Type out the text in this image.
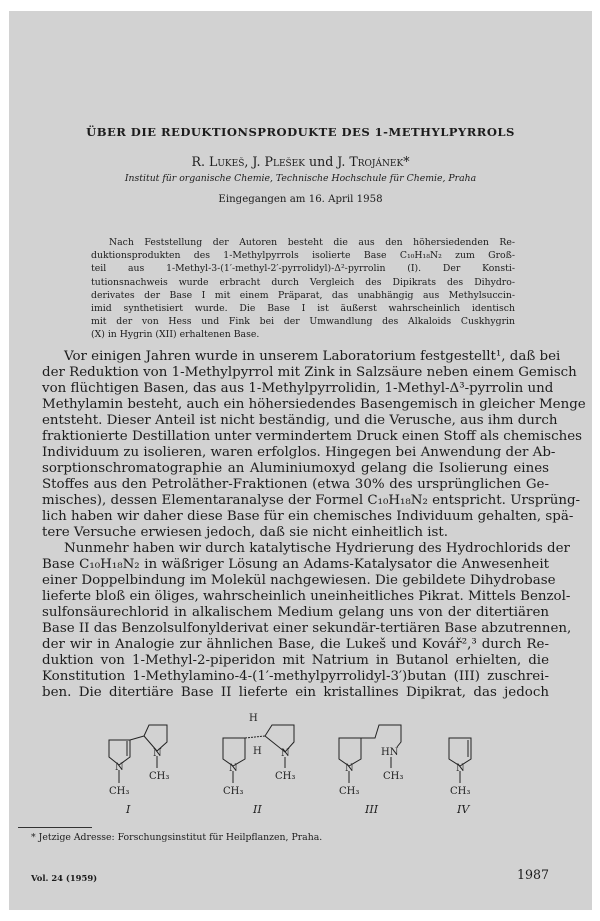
ÜBER DIE REDUKTIONSPRODUKTE DES 1-METHYLPYRROLS
R. Lukeš, J. Plešek und J. Trojánek*
Institut für organische Chemie, Technische Hochschule für Chemie, Praha
Eingegangen am 16. April 1958
Nach Feststellung der Autoren besteht die aus den höhersiedenden Re-
duktionsprodukten des 1-Methylpyrrols isolierte Base C₁₀H₁₈N₂ zum Groß-
teil aus 1-Methyl-3-(1′-methyl-2′-pyrrolidyl)-Δ²-pyrrolin (I). Der Konsti-
tutionsnachweis wurde erbracht durch Vergleich des Dipikrats des Dihydro-
derivates der Base I mit einem Präparat, das unabhängig aus Methylsuccin-
imid synthetisiert wurde. Die Base I ist äußerst wahrscheinlich identisch
mit der von Hess und Fink bei der Umwandlung des Alkaloids Cuskhygrin
(X) in Hygrin (XII) erhaltenen Base.
Vor einigen Jahren wurde in unserem Laboratorium festgestellt¹, daß bei
der Reduktion von 1-Methylpyrrol mit Zink in Salzsäure neben einem Gemisch
von flüchtigen Basen, das aus 1-Methylpyrrolidin, 1-Methyl-Δ³-pyrrolin und
Methylamin besteht, auch ein höhersiedendes Basengemisch in gleicher Menge
entsteht. Dieser Anteil ist nicht beständig, und die Verusche, aus ihm durch
fraktionierte Destillation unter vermindertem Druck einen Stoff als chemisches
Individuum zu isolieren, waren erfolglos. Hingegen bei Anwendung der Ab-
sorptionschromatographie an Aluminiumoxyd gelang die Isolierung eines
Stoffes aus den Petroläther-Fraktionen (etwa 30% des ursprünglichen Ge-
misches), dessen Elementaranalyse der Formel C₁₀H₁₈N₂ entspricht. Ursprüng-
lich haben wir daher diese Base für ein chemisches Individuum gehalten, spä-
tere Versuche erwiesen jedoch, daß sie nicht einheitlich ist.
Nunmehr haben wir durch katalytische Hydrierung des Hydrochlorids der
Base C₁₀H₁₈N₂ in wäßriger Lösung an Adams-Katalysator die Anwesenheit
einer Doppelbindung im Molekül nachgewiesen. Die gebildete Dihydrobase
lieferte bloß ein öliges, wahrscheinlich uneinheitliches Pikrat. Mittels Benzol-
sulfonsäurechlorid in alkalischem Medium gelang uns von der ditertiären
Base II das Benzolsulfonylderivat einer sekundär-tertiären Base abzutrennen,
der wir in Analogie zur ähnlichen Base, die Lukeš und Kovář²,³ durch Re-
duktion von 1-Methyl-2-piperidon mit Natrium in Butanol erhielten, die
Konstitution 1-Methylamino-4-(1′-methylpyrrolidyl-3′)butan (III) zuschrei-
ben. Die ditertiäre Base II lieferte ein kristallines Dipikrat, das jedoch
N
N
CH₃
CH₃
I
N
N
H
H
CH₃
CH₃
II
N
HN
CH₃
CH₃
III
N
CH₃
IV
* Jetzige Adresse: Forschungsinstitut für Heilpflanzen, Praha.
Vol. 24 (1959)	1987
